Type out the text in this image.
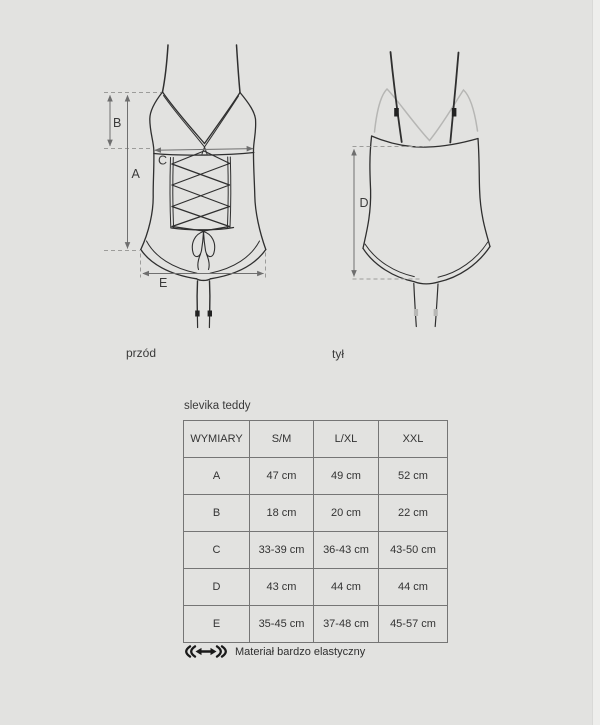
B
A
C
E
D
przód	tył
slevika teddy
WYMIARY	S/M	L/XL	XXL
A	47 cm	49 cm	52 cm
B	18 cm	20 cm	22 cm
C	33-39 cm	36-43 cm	43-50 cm
D	43 cm	44 cm	44 cm
E	35-45 cm	37-48 cm	45-57 cm
Materiał bardzo elastyczny
